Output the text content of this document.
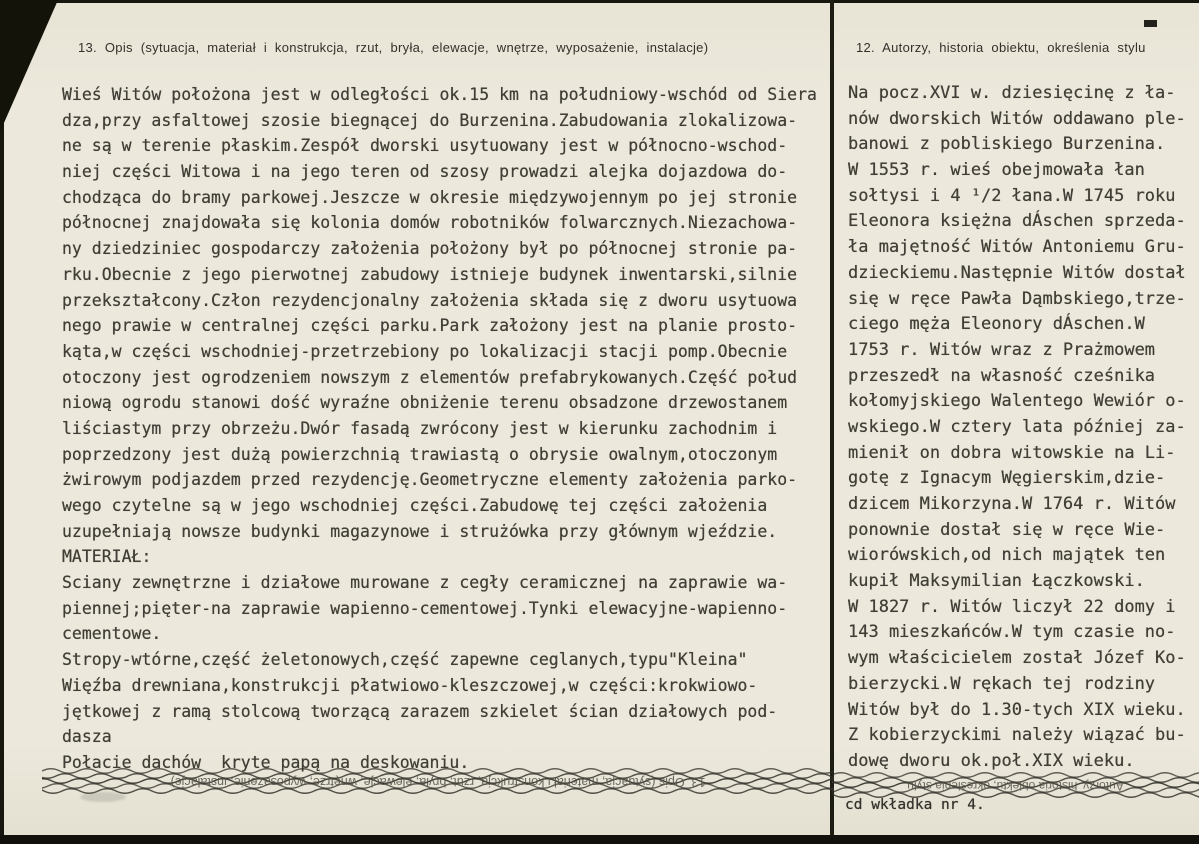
13. Opis (sytuacja, materiał i konstrukcja, rzut, bryła, elewacje, wnętrze, wyposażenie, instalacje)	12. Autorzy, historia obiektu, określenia stylu
Wieś Witów położona jest w odległości ok.15 km na południowy-wschód od Siera
dza,przy asfaltowej szosie biegnącej do Burzenina.Zabudowania zlokalizowa-
ne są w terenie płaskim.Zespół dworski usytuowany jest w północno-wschod-
niej części Witowa i na jego teren od szosy prowadzi alejka dojazdowa do-
chodząca do bramy parkowej.Jeszcze w okresie międzywojennym po jej stronie
północnej znajdowała się kolonia domów robotników folwarcznych.Niezachowa-
ny dziedziniec gospodarczy założenia położony był po północnej stronie pa-
rku.Obecnie z jego pierwotnej zabudowy istnieje budynek inwentarski,silnie
przekształcony.Człon rezydencjonalny założenia składa się z dworu usytuowa
nego prawie w centralnej części parku.Park założony jest na planie prosto-
kąta,w części wschodniej-przetrzebiony po lokalizacji stacji pomp.Obecnie
otoczony jest ogrodzeniem nowszym z elementów prefabrykowanych.Część połud
niową ogrodu stanowi dość wyraźne obniżenie terenu obsadzone drzewostanem
liściastym przy obrzeżu.Dwór fasadą zwrócony jest w kierunku zachodnim i
poprzedzony jest dużą powierzchnią trawiastą o obrysie owalnym,otoczonym
żwirowym podjazdem przed rezydencję.Geometryczne elementy założenia parko-
wego czytelne są w jego wschodniej części.Zabudowę tej części założenia
uzupełniają nowsze budynki magazynowe i strużówka przy głównym wjeździe.
MATERIAŁ:
Sciany zewnętrzne i działowe murowane z cegły ceramicznej na zaprawie wa-
piennej;pięter-na zaprawie wapienno-cementowej.Tynki elewacyjne-wapienno-
cementowe.
Stropy-wtórne,część żeletonowych,część zapewne ceglanych,typu"Kleina"
Więźba drewniana,konstrukcji płatwiowo-kleszczowej,w części:krokwiowo-
jętkowej z ramą stolcową tworzącą zarazem szkielet ścian działowych pod-
dasza
Połacie dachów  kryte papą na deskowaniu.
Na pocz.XVI w. dziesięcinę z ła-
nów dworskich Witów oddawano ple-
banowi z pobliskiego Burzenina.
W 1553 r. wieś obejmowała łan
sołtysi i 4 ¹/2 łana.W 1745 roku
Eleonora księżna dÁschen sprzeda-
ła majętność Witów Antoniemu Gru-
dzieckiemu.Następnie Witów dostał
się w ręce Pawła Dąmbskiego,trze-
ciego męża Eleonory dÁschen.W
1753 r. Witów wraz z Prażmowem
przeszedł na własność cześnika
kołomyjskiego Walentego Wewiór o-
wskiego.W cztery lata później za-
mienił on dobra witowskie na Li-
gotę z Ignacym Węgierskim,dzie-
dzicem Mikorzyna.W 1764 r. Witów
ponownie dostał się w ręce Wie-
wiorówskich,od nich majątek ten
kupił Maksymilian Łączkowski.
W 1827 r. Witów liczył 22 domy i
143 mieszkańców.W tym czasie no-
wym właścicielem został Józef Ko-
bierzycki.W rękach tej rodziny
Witów był do 1.30-tych XIX wieku.
Z kobierzyckimi należy wiązać bu-
dowę dworu ok.poł.XIX wieku.
13. Opis (sytuacja, materiał i konstrukcja, rzut, bryła, elewacje, wnętrze, wyposażenie, instalacje)	Autorzy, historia obiektu, określenia stylu
cd wkładka nr 4.
